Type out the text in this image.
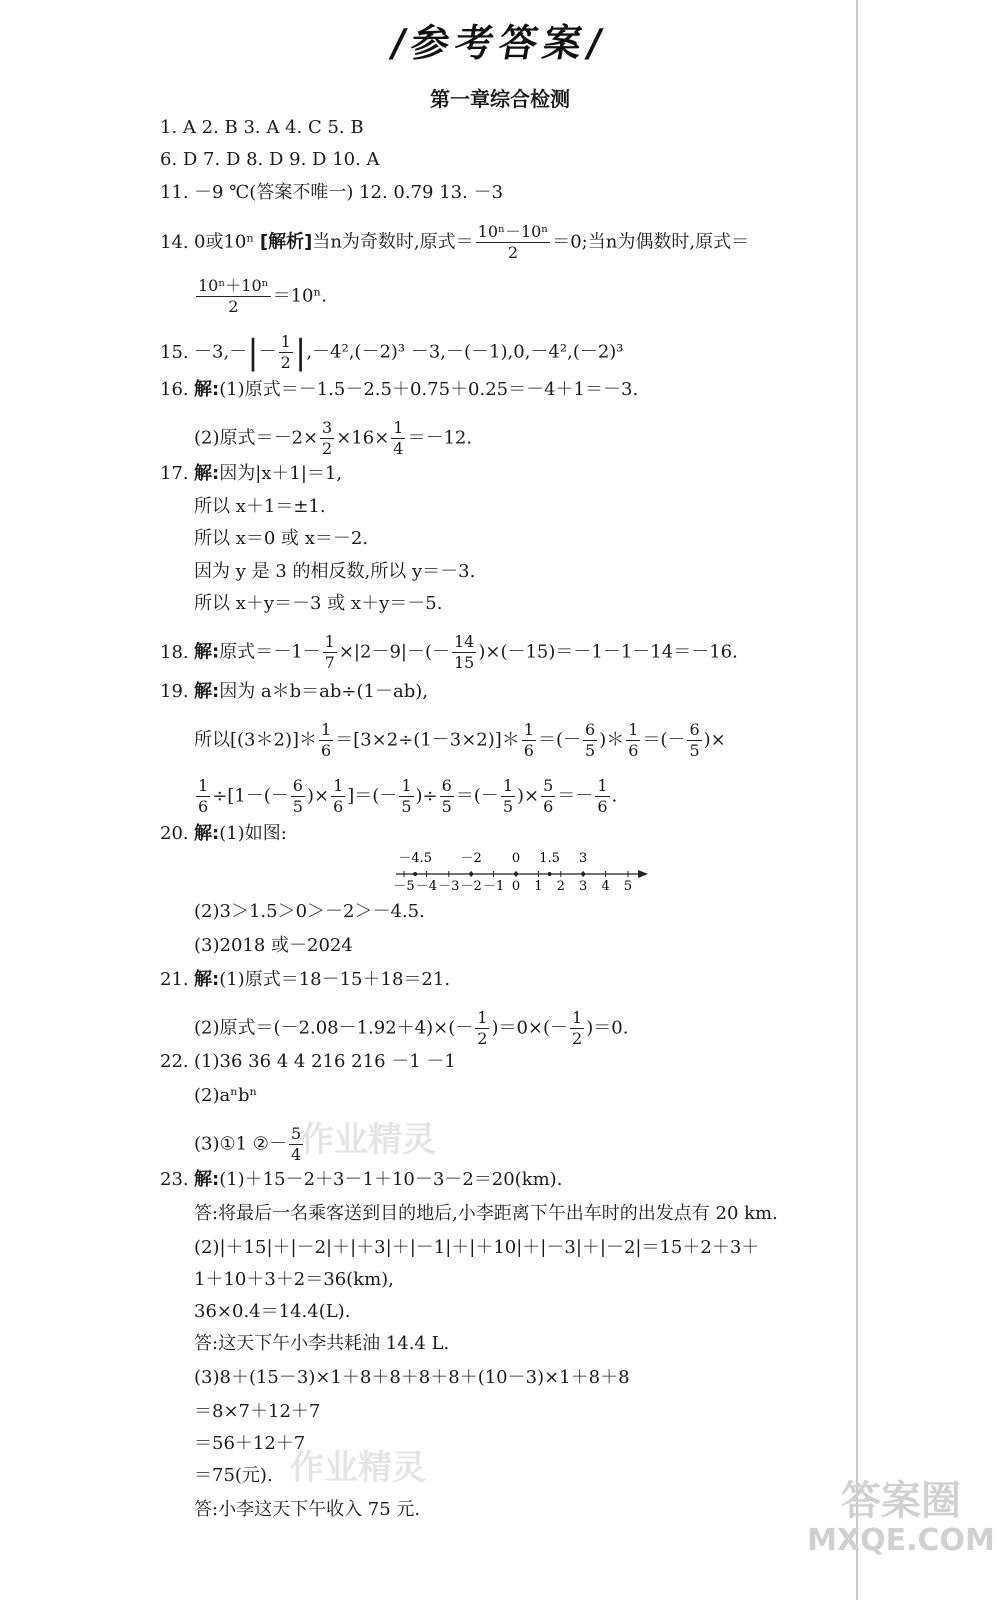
/参考答案/
第一章综合检测
1. A 2. B 3. A 4. C 5. B
6. D 7. D 8. D 9. D 10. A
11. －9 ℃(答案不唯一) 12. 0.79 13. －3
14. 0或10ⁿ [解析]当n为奇数时,原式＝ $\frac{\text{10ⁿ－10ⁿ}}{2} =0$;当n为偶数时,原式＝
$\frac{\text{10ⁿ＋10ⁿ}}{2} =10^n$.
15. $-3,-|- \frac{1}{2} |,-4^2,(-2)^3 -3,-(-1),0,-4^2,(-2)^3$
16. 解:(1)原式＝－1.5－2.5＋0.75＋0.25＝－4＋1＝－3.
(2)原式$=-2\times \frac{3}{2} \times 16\times \frac{1}{4} =-12$.
17. 解:因为|x＋1|＝1,
所以 x＋1＝±1.
所以 x＝0 或 x＝－2.
因为 y 是 3 的相反数,所以 y＝－3.
所以 x＋y＝－3 或 x＋y＝－5.
18. 解:原式$=-1- \frac{1}{7} \times|2-9|-(- \frac{14}{15} )\times(-15)=-1-1-14=-16$.
19. 解:因为 a＊b＝ab÷(1－ab),
所以[(3＊2)]＊ $\frac{1}{6}$ ＝[3×2÷(1－3×2)]＊ $\frac{1}{6}$ ＝(－ $\frac{6}{5}$ )＊ $\frac{1}{6}$ ＝(－ $\frac{6}{5}$ )×
$\frac{1}{6} \div[1-(- \frac{6}{5}$ )× $\frac{1}{6}$ ]＝(－ $\frac{1}{5}$ )÷ $\frac{6}{5}$ ＝(－ $\frac{1}{5}$ )× $\frac{5}{6} =- \frac{1}{6}$ .
20. 解:(1)如图:
－4.5 －2 0 1.5 3
－5 －4 －3 －2 －1 0 1 2 3 4 5
(2)3＞1.5＞0＞－2＞－4.5.
(3)2018 或－2024
21. 解:(1)原式＝18－15＋18＝21.
(2)原式$=(-2.08-1.92+4)\times(- \frac{1}{2} )=0\times(- \frac{1}{2} )=0$.
22. (1)36 36 4 4 216 216 －1 －1
(2)aⁿbⁿ
(3)①1 ②－ $\frac{5}{4}$
23. 解:(1)＋15－2＋3－1＋10－3－2＝20(km).
答:将最后一名乘客送到目的地后,小李距离下午出车时的出发点有 20 km.
(2)|＋15|＋|－2|＋|＋3|＋|－1|＋|＋10|＋|－3|＋|－2|＝15＋2＋3＋
1＋10＋3＋2＝36(km),
36×0.4＝14.4(L).
答:这天下午小李共耗油 14.4 L.
(3)8＋(15－3)×1＋8＋8＋8＋8＋(10－3)×1＋8＋8
＝8×7＋12＋7
＝56＋12＋7
＝75(元).
答:小李这天下午收入 75 元.
作业精灵
作业精灵
答案圈
MXQE.COM
